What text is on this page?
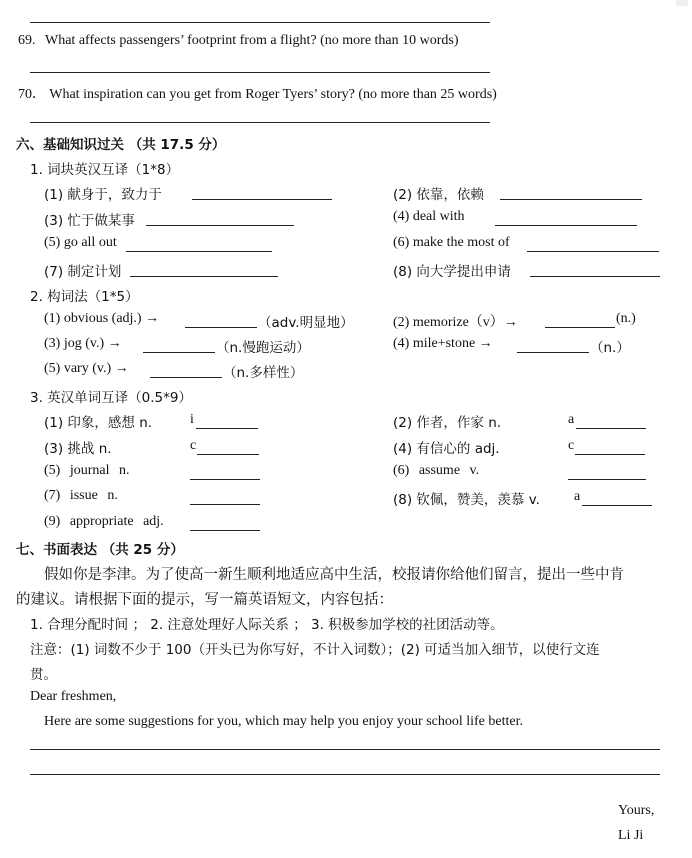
69. What affects passengers’ footprint from a flight? (no more than 10 words)
70． What inspiration can you get from Roger Tyers’ story? (no more than 25 words)
六、基础知识过关 （共 17.5 分）
1. 词块英汉互译（1*8）
(1) 献身于，致力于	(2) 依靠，依赖
(3) 忙于做某事	(4) deal with
(5) go all out	(6) make the most of
(7) 制定计划	(8) 向大学提出申请
2. 构词法（1*5）
(1) obvious (adj.) →	（adv.明显地）	(2) memorize（v）→	(n.)
(3) jog (v.) →	（n.慢跑运动）	(4) mile+stone →	（n.）
(5) vary (v.) →	（n.多样性）
3. 英汉单词互译（0.5*9）
(1) 印象，感想 n.	i	(2) 作者，作家 n.	a
(3) 挑战 n.	c	(4) 有信心的 adj.	c
(5) journal n.	(6) assume v.
(7) issue n.	(8) 钦佩，赞美，羡慕 v. a
(9) appropriate adj.
七、书面表达 （共 25 分）
假如你是李津。为了使高一新生顺利地适应高中生活，校报请你给他们留言，提出一些中肯
的建议。请根据下面的提示，写一篇英语短文，内容包括：
1. 合理分配时间 ； 2. 注意处理好人际关系 ； 3. 积极参加学校的社团活动等。
注意：(1) 词数不少于 100（开头已为你写好，不计入词数）；(2) 可适当加入细节，以使行文连
贯。
Dear freshmen,
Here are some suggestions for you, which may help you enjoy your school life better.
Yours,
Li Ji
